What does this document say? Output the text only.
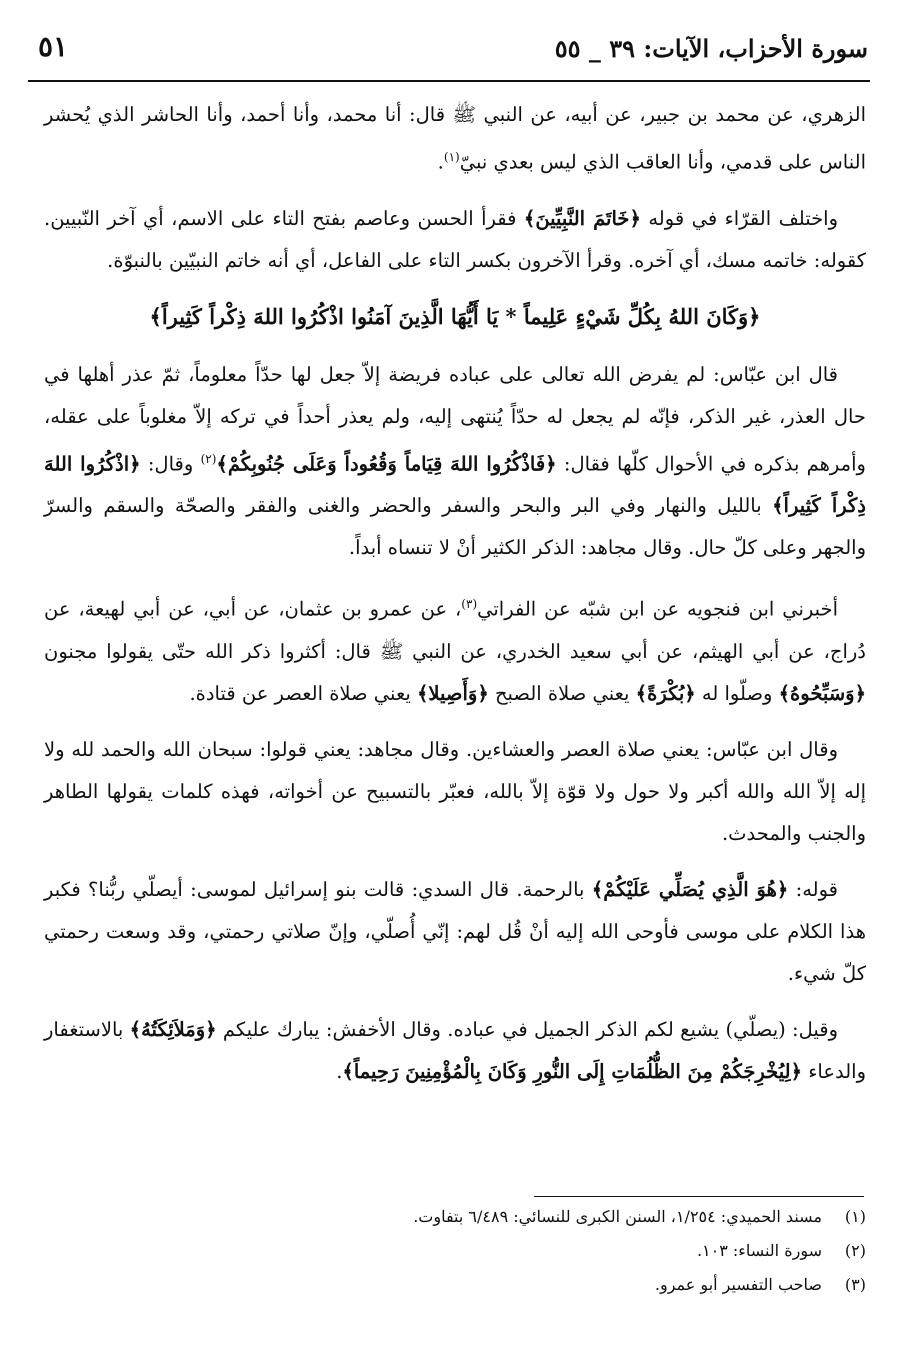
سورة الأحزاب، الآيات: ٣٩ _ ٥٥
٥١

الزهري، عن محمد بن جبير، عن أبيه، عن النبي ﷺ قال: أنا محمد، وأنا أحمد، وأنا الحاشر الذي يُحشر الناس على قدمي، وأنا العاقب الذي ليس بعدي نبيّ$^{(١)}$.

واختلف القرّاء في قوله ﴿خَاتَمَ النَّبِيِّينَ﴾ فقرأ الحسن وعاصم بفتح التاء على الاسم، أي آخر النّبيين. كقوله: خاتمه مسك، أي آخره. وقرأ الآخرون بكسر التاء على الفاعل، أي أنه خاتم النبيّين بالنبوّة.

﴿وَكَانَ اللهُ بِكُلِّ شَيْءٍ عَلِيماً * يَا أَيُّهَا الَّذِينَ آمَنُوا اذْكُرُوا اللهَ ذِكْراً كَثِيراً﴾

قال ابن عبّاس: لم يفرض الله تعالى على عباده فريضة إلاّ جعل لها حدّاً معلوماً، ثمّ عذر أهلها في حال العذر، غير الذكر، فإنّه لم يجعل له حدّاً يُنتهى إليه، ولم يعذر أحداً في تركه إلاّ مغلوباً على عقله، وأمرهم بذكره في الأحوال كلّها فقال: ﴿فَاذْكُرُوا اللهَ قِيَاماً وَقُعُوداً وَعَلَى جُنُوبِكُمْ﴾$^{(٢)}$ وقال: ﴿اذْكُرُوا اللهَ ذِكْراً كَثِيراً﴾ بالليل والنهار وفي البر والبحر والسفر والحضر والغنى والفقر والصحّة والسقم والسرّ والجهر وعلى كلّ حال. وقال مجاهد: الذكر الكثير أنْ لا تنساه أبداً.

أخبرني ابن فنجويه عن ابن شبّه عن الفراتي$^{(٣)}$، عن عمرو بن عثمان، عن أبي، عن أبي لهيعة، عن دُراج، عن أبي الهيثم، عن أبي سعيد الخدري، عن النبي ﷺ قال: أكثروا ذكر الله حتّى يقولوا مجنون ﴿وَسَبِّحُوهُ﴾ وصلّوا له ﴿بُكْرَةً﴾ يعني صلاة الصبح ﴿وَأَصِيلا﴾ يعني صلاة العصر عن قتادة.

وقال ابن عبّاس: يعني صلاة العصر والعشاءين. وقال مجاهد: يعني قولوا: سبحان الله والحمد لله ولا إله إلاّ الله والله أكبر ولا حول ولا قوّة إلاّ بالله، فعبّر بالتسبيح عن أخواته، فهذه كلمات يقولها الطاهر والجنب والمحدث.

قوله: ﴿هُوَ الَّذِي يُصَلِّي عَلَيْكُمْ﴾ بالرحمة. قال السدي: قالت بنو إسرائيل لموسى: أيصلّي ربُّنا؟ فكبر هذا الكلام على موسى فأوحى الله إليه أنْ قُل لهم: إنّي أُصلّي، وإنّ صلاتي رحمتي، وقد وسعت رحمتي كلّ شيء.

وقيل: (يصلّي) يشيع لكم الذكر الجميل في عباده. وقال الأخفش: يبارك عليكم ﴿وَمَلاَئِكَتُهُ﴾ بالاستغفار والدعاء ﴿لِيُخْرِجَكُمْ مِنَ الظُّلُمَاتِ إِلَى النُّورِ وَكَانَ بِالْمُؤْمِنِينَ رَحِيماً﴾.

(١)مسند الحميدي: ١/٢٥٤، السنن الكبرى للنسائي: ٦/٤٨٩ بتفاوت.
(٢)سورة النساء: ١٠٣.
(٣)صاحب التفسير أبو عمرو.
